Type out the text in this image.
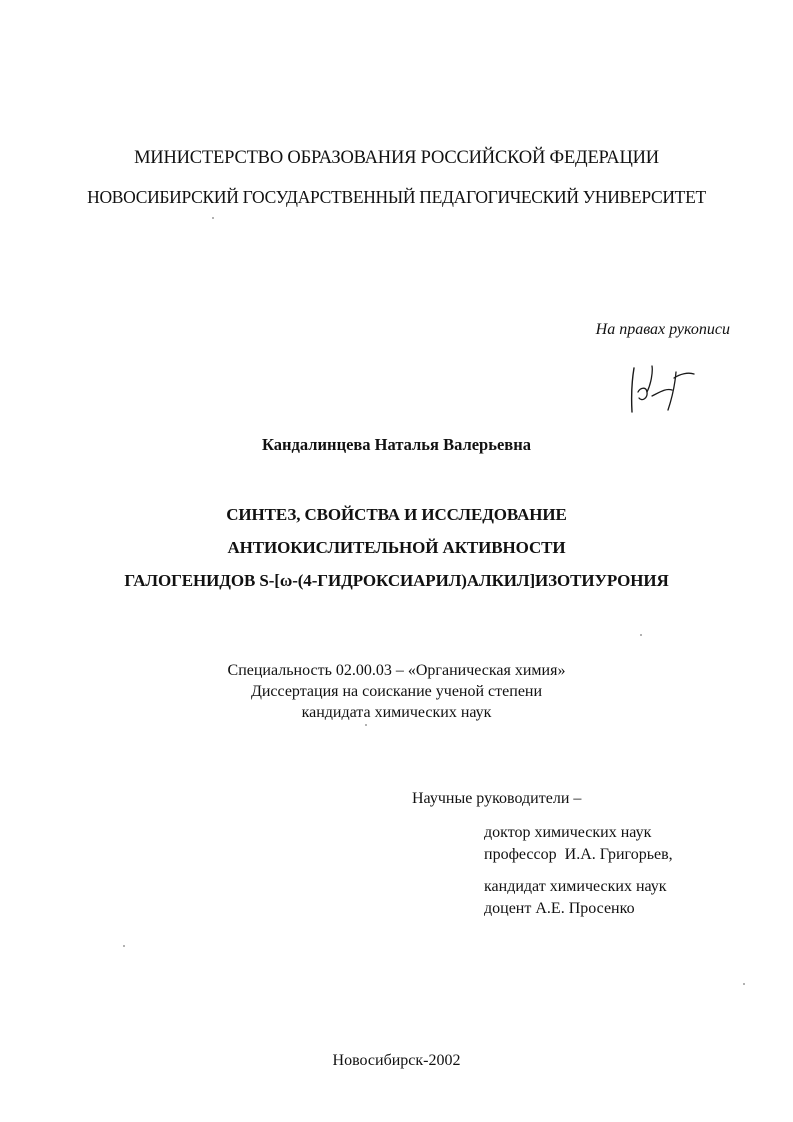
МИНИСТЕРСТВО ОБРАЗОВАНИЯ РОССИЙСКОЙ ФЕДЕРАЦИИ
НОВОСИБИРСКИЙ ГОСУДАРСТВЕННЫЙ ПЕДАГОГИЧЕСКИЙ УНИВЕРСИТЕТ
На правах рукописи
Кандалинцева Наталья Валерьевна
СИНТЕЗ, СВОЙСТВА И ИССЛЕДОВАНИЕ
АНТИОКИСЛИТЕЛЬНОЙ АКТИВНОСТИ
ГАЛОГЕНИДОВ S-[ω-(4-ГИДРОКСИАРИЛ)АЛКИЛ]ИЗОТИУРОНИЯ
Специальность 02.00.03 – «Органическая химия»
Диссертация на соискание ученой степени
кандидата химических наук
Научные руководители –
доктор химических наук
профессор  И.А. Григорьев,
кандидат химических наук
доцент А.Е. Просенко
Новосибирск-2002
